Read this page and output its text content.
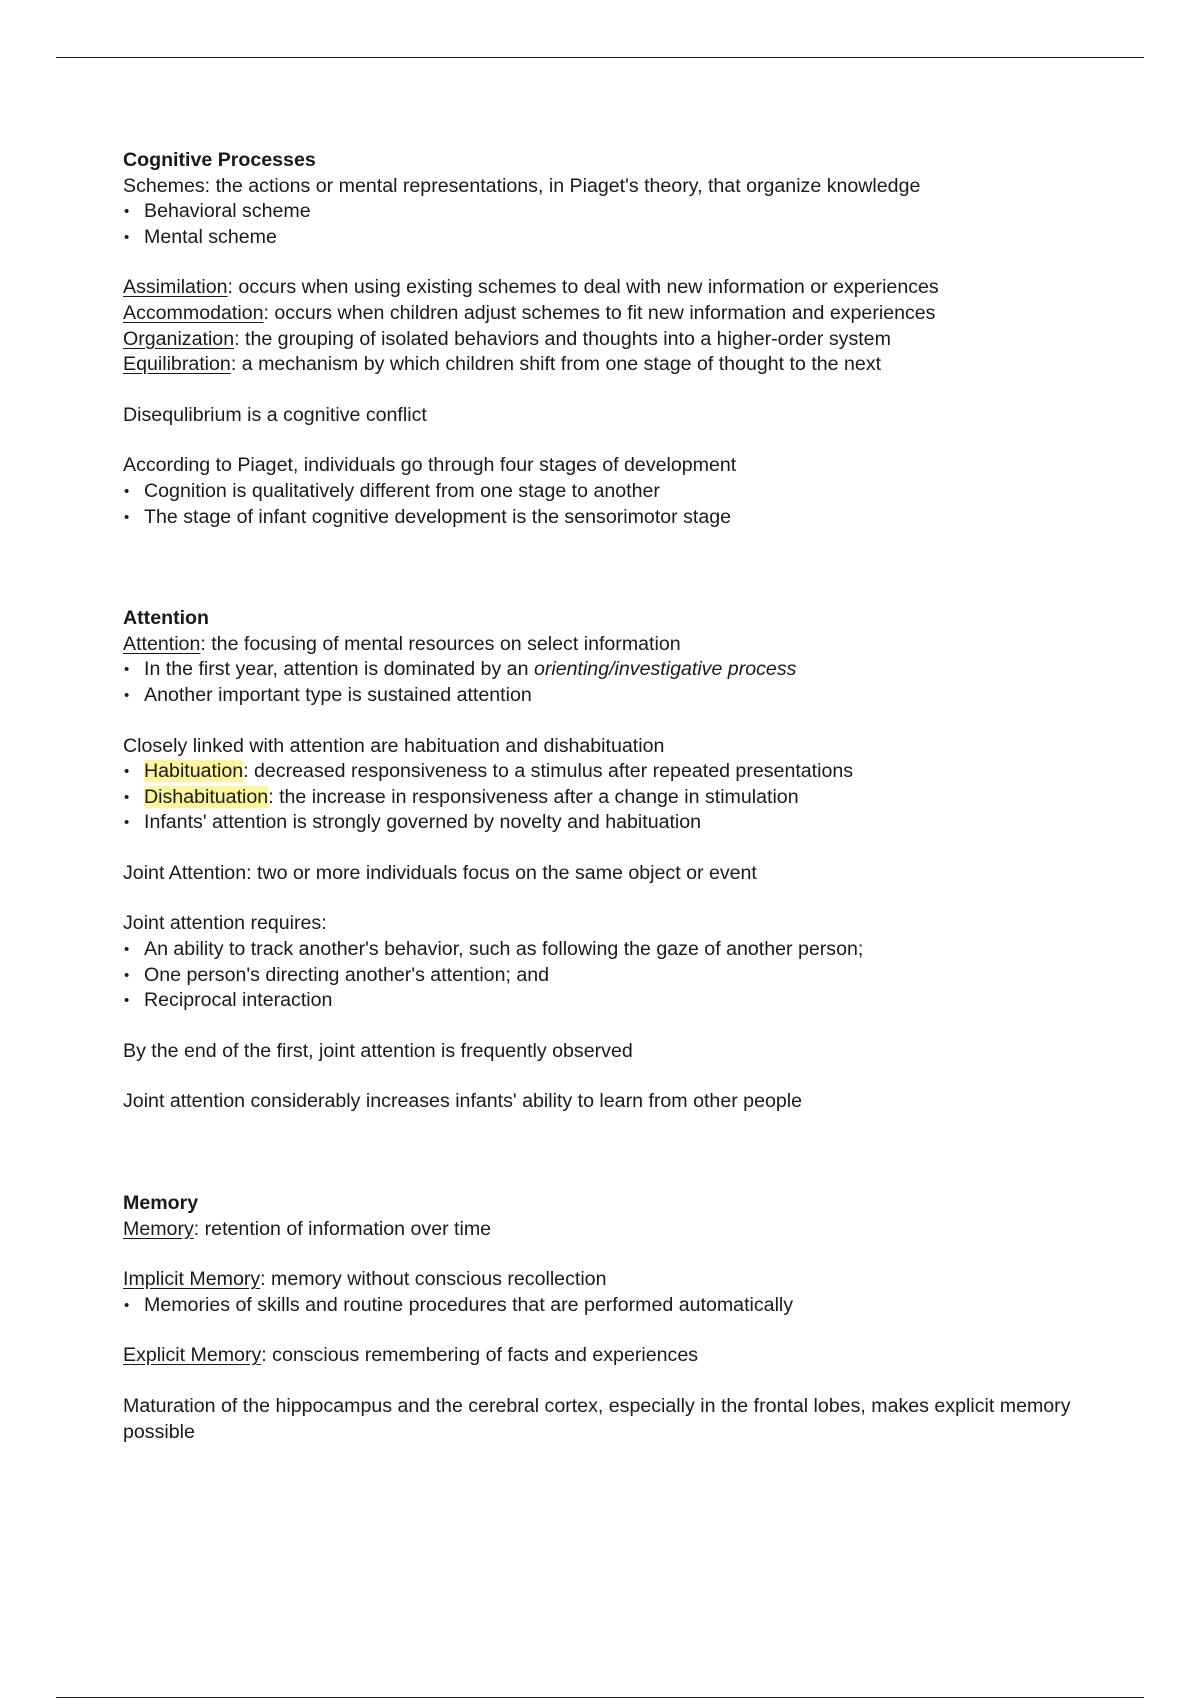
Cognitive Processes
Schemes: the actions or mental representations, in Piaget's theory, that organize knowledge
• Behavioral scheme
• Mental scheme
Assimilation: occurs when using existing schemes to deal with new information or experiences
Accommodation: occurs when children adjust schemes to fit new information and experiences
Organization: the grouping of isolated behaviors and thoughts into a higher-order system
Equilibration: a mechanism by which children shift from one stage of thought to the next
Disequlibrium is a cognitive conflict
According to Piaget, individuals go through four stages of development
• Cognition is qualitatively different from one stage to another
• The stage of infant cognitive development is the sensorimotor stage
Attention
Attention: the focusing of mental resources on select information
• In the first year, attention is dominated by an orienting/investigative process
• Another important type is sustained attention
Closely linked with attention are habituation and dishabituation
• Habituation: decreased responsiveness to a stimulus after repeated presentations
• Dishabituation: the increase in responsiveness after a change in stimulation
• Infants' attention is strongly governed by novelty and habituation
Joint Attention: two or more individuals focus on the same object or event
Joint attention requires:
• An ability to track another's behavior, such as following the gaze of another person;
• One person's directing another's attention; and
• Reciprocal interaction
By the end of the first, joint attention is frequently observed
Joint attention considerably increases infants' ability to learn from other people
Memory
Memory: retention of information over time
Implicit Memory: memory without conscious recollection
• Memories of skills and routine procedures that are performed automatically
Explicit Memory: conscious remembering of facts and experiences
Maturation of the hippocampus and the cerebral cortex, especially in the frontal lobes, makes explicit memory possible
